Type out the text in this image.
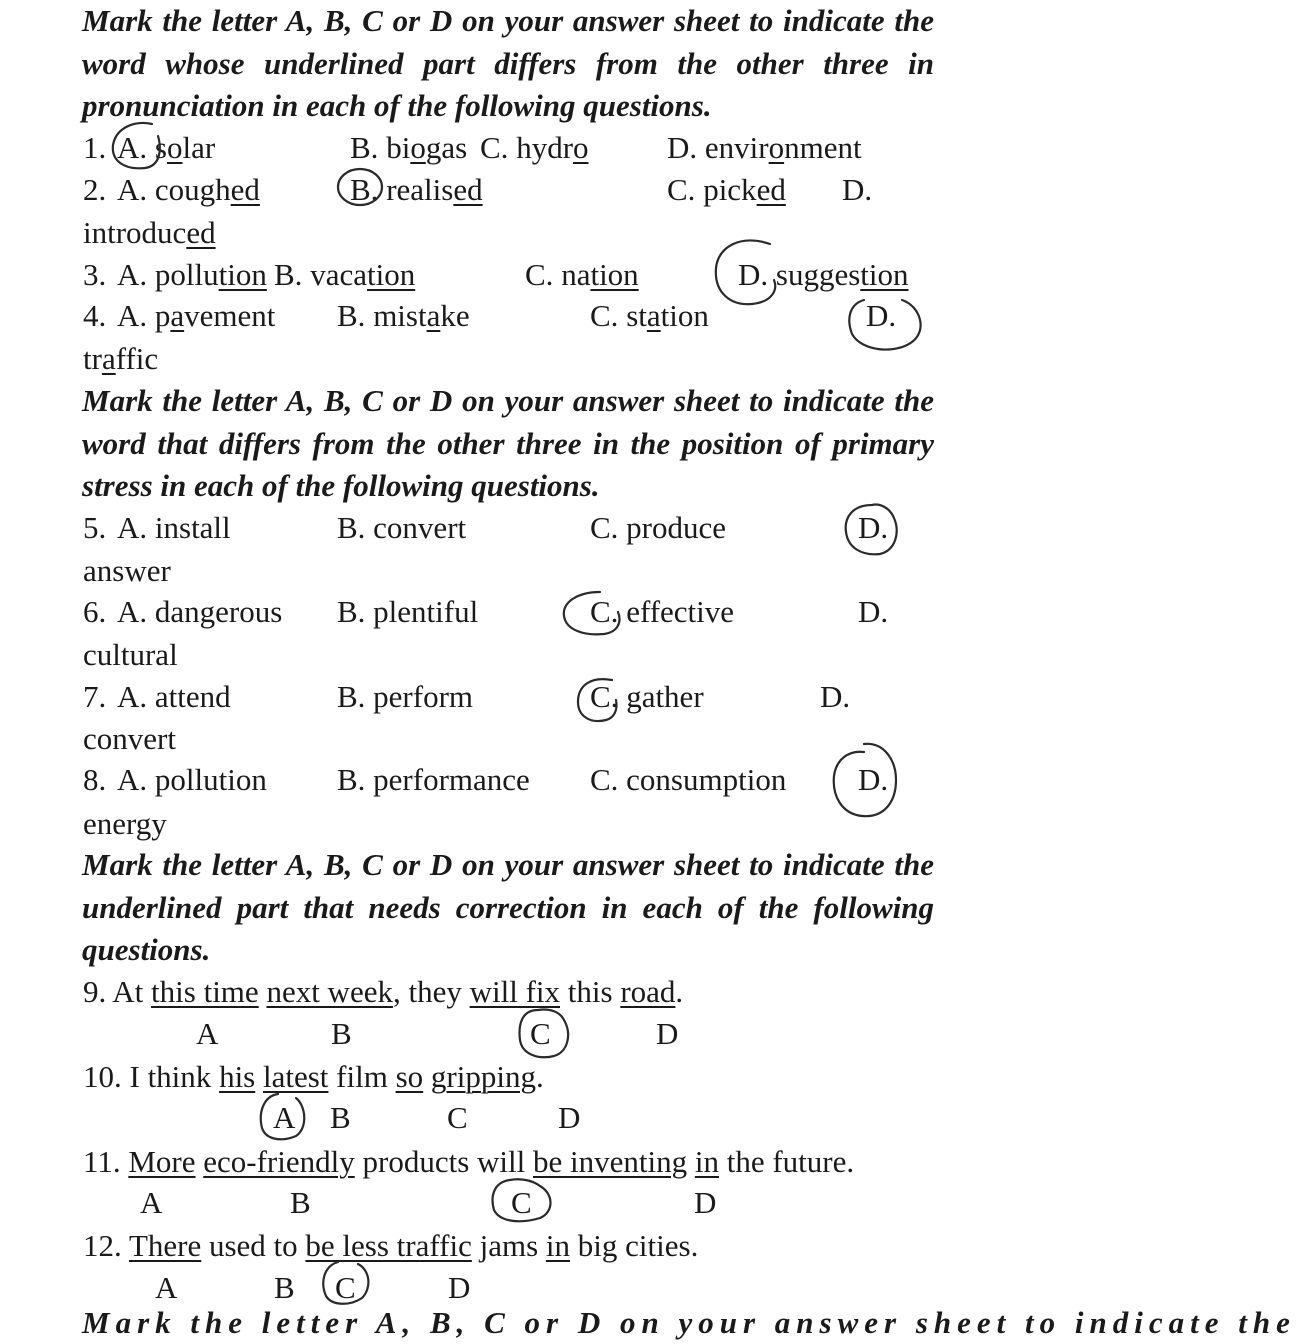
Mark the letter A, B, C or D on your answer sheet to indicate the word whose underlined part differs from the other three in pronunciation in each of the following questions.
1. A. solar	B. biogas C. hydro	D. environment
2. A. coughed	B. realised	C. picked D.
introduced
3. A. pollution B. vacation	C. nation	D. suggestion
4. A. pavement B. mistake	C. station	D.
traffic
Mark the letter A, B, C or D on your answer sheet to indicate the word that differs from the other three in the position of primary stress in each of the following questions.
5. A. install	B. convert	C. produce	D.
answer
6. A. dangerous B. plentiful	C. effective	D.
cultural
7. A. attend	B. perform	C. gather	D.
convert
8. A. pollution B. performance C. consumption D.
energy
Mark the letter A, B, C or D on your answer sheet to indicate the underlined part that needs correction in each of the following questions.
9. At this time next week, they will fix this road.
A	B	C	D
10. I think his latest film so gripping.
A B	C	D
11. More eco-friendly products will be inventing in the future.
A	B	C	D
12. There used to be less traffic jams in big cities.
A	B C	D
Mark the letter A, B, C or D on your answer sheet to indicate the
